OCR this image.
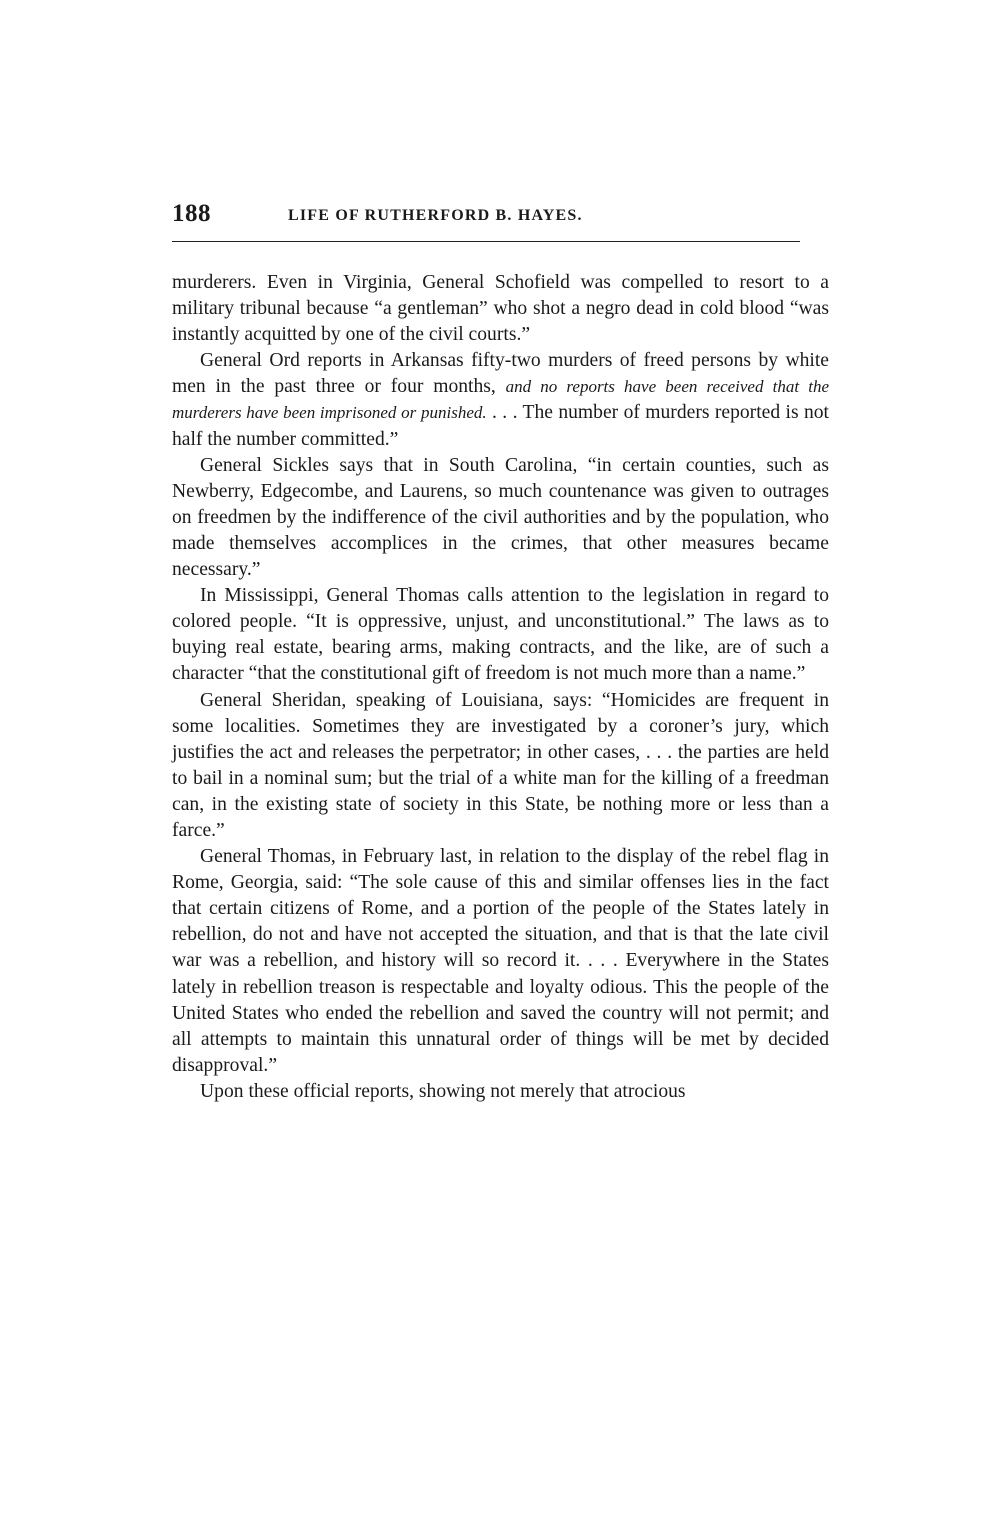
188	LIFE OF RUTHERFORD B. HAYES.

murderers. Even in Virginia, General Schofield was compelled to resort to a military tribunal because “a gentleman” who shot a negro dead in cold blood “was instantly acquitted by one of the civil courts.”

General Ord reports in Arkansas fifty-two murders of freed persons by white men in the past three or four months, and no reports have been received that the murderers have been imprisoned or punished. . . . The number of murders reported is not half the number committed.”

General Sickles says that in South Carolina, “in certain counties, such as Newberry, Edgecombe, and Laurens, so much countenance was given to outrages on freedmen by the indifference of the civil authorities and by the population, who made themselves accomplices in the crimes, that other measures became necessary.”

In Mississippi, General Thomas calls attention to the legislation in regard to colored people. “It is oppressive, unjust, and unconstitutional.” The laws as to buying real estate, bearing arms, making contracts, and the like, are of such a character “that the constitutional gift of freedom is not much more than a name.”

General Sheridan, speaking of Louisiana, says: “Homicides are frequent in some localities. Sometimes they are investigated by a coroner’s jury, which justifies the act and releases the perpetrator; in other cases, . . . the parties are held to bail in a nominal sum; but the trial of a white man for the killing of a freedman can, in the existing state of society in this State, be nothing more or less than a farce.”

General Thomas, in February last, in relation to the display of the rebel flag in Rome, Georgia, said: “The sole cause of this and similar offenses lies in the fact that certain citizens of Rome, and a portion of the people of the States lately in rebellion, do not and have not accepted the situation, and that is that the late civil war was a rebellion, and history will so record it. . . . Everywhere in the States lately in rebellion treason is respectable and loyalty odious. This the people of the United States who ended the rebellion and saved the country will not permit; and all attempts to maintain this unnatural order of things will be met by decided disapproval.”

Upon these official reports, showing not merely that atrocious
